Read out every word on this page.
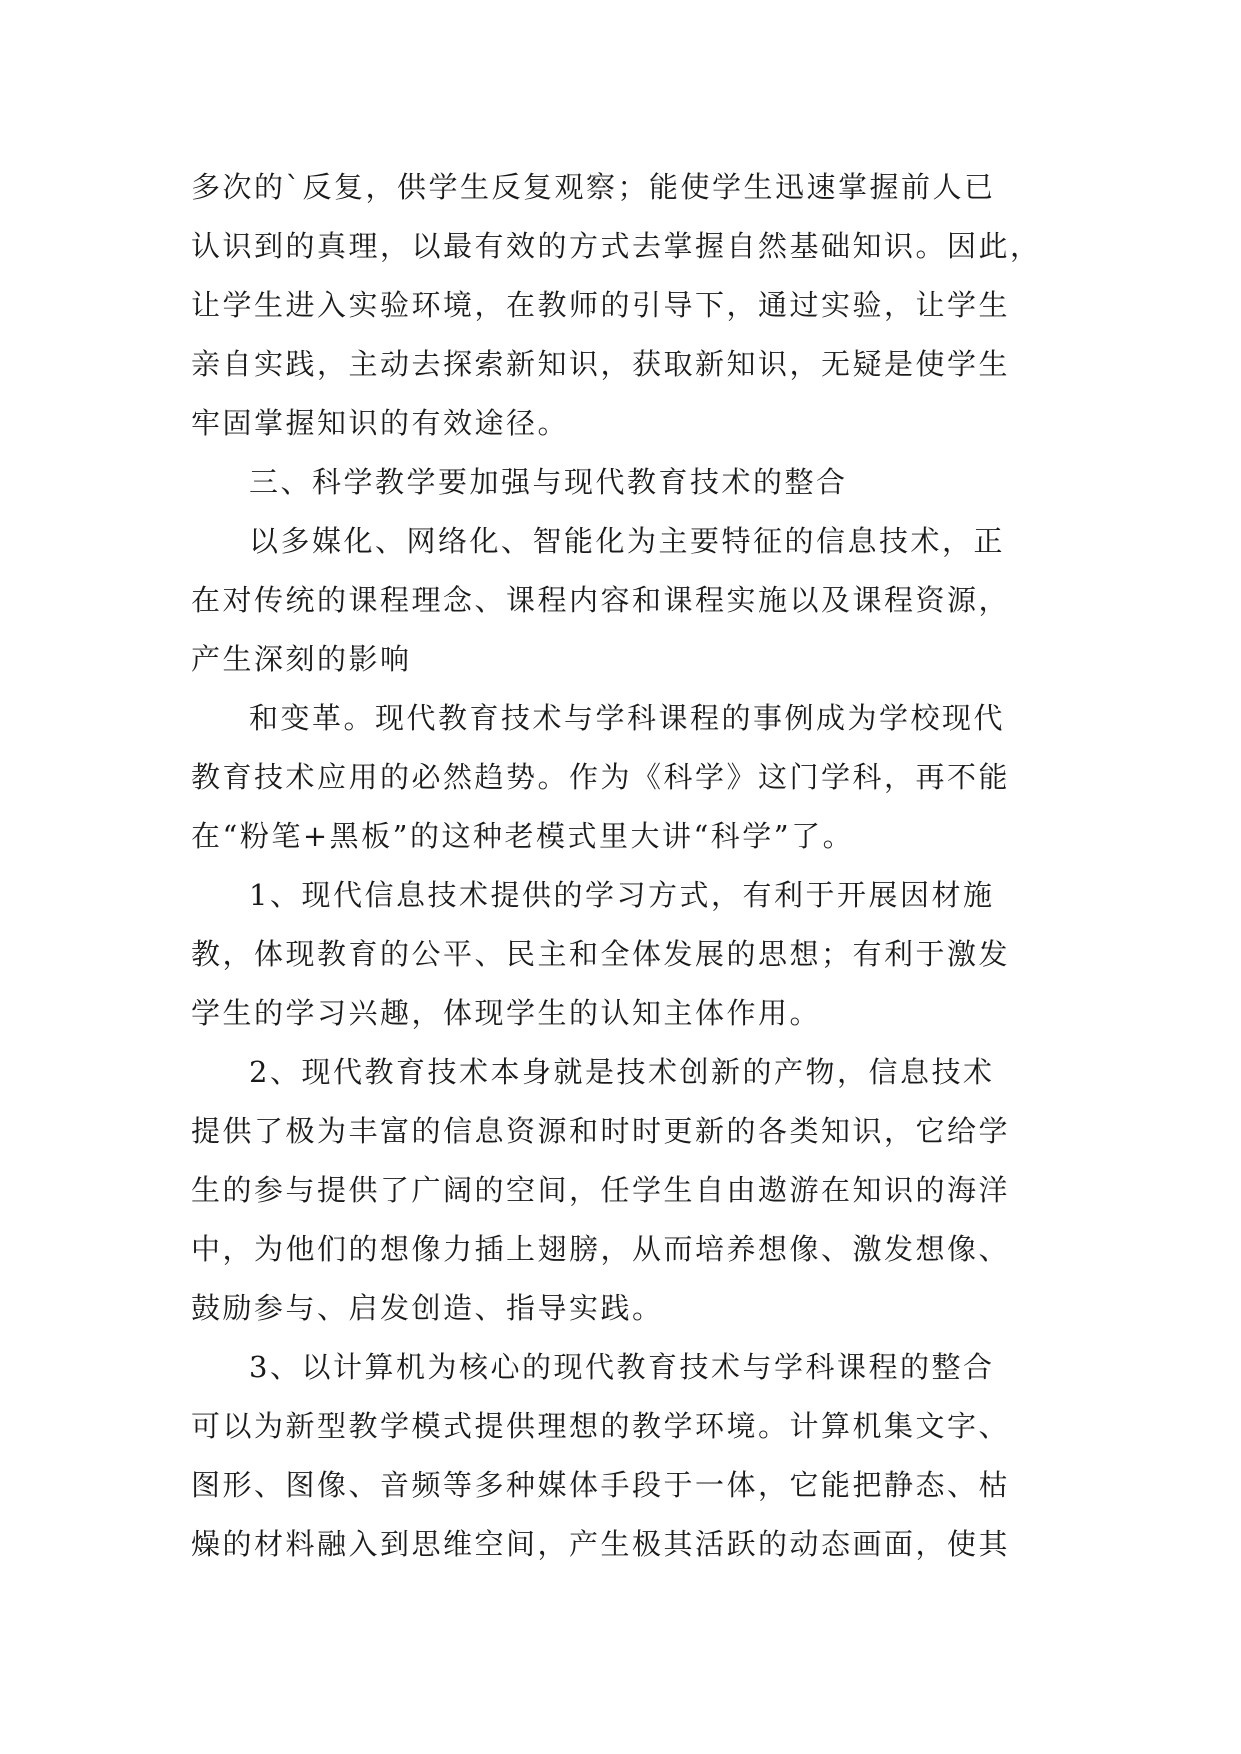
多次的`反复，供学生反复观察；能使学生迅速掌握前人已
认识到的真理，以最有效的方式去掌握自然基础知识。因此，
让学生进入实验环境，在教师的引导下，通过实验，让学生
亲自实践，主动去探索新知识，获取新知识，无疑是使学生
牢固掌握知识的有效途径。
三、科学教学要加强与现代教育技术的整合
以多媒化、网络化、智能化为主要特征的信息技术，正
在对传统的课程理念、课程内容和课程实施以及课程资源，
产生深刻的影响
和变革。现代教育技术与学科课程的事例成为学校现代
教育技术应用的必然趋势。作为《科学》这门学科，再不能
在“粉笔+黑板”的这种老模式里大讲“科学”了。
1、现代信息技术提供的学习方式，有利于开展因材施
教，体现教育的公平、民主和全体发展的思想；有利于激发
学生的学习兴趣，体现学生的认知主体作用。
2、现代教育技术本身就是技术创新的产物，信息技术
提供了极为丰富的信息资源和时时更新的各类知识，它给学
生的参与提供了广阔的空间，任学生自由遨游在知识的海洋
中，为他们的想像力插上翅膀，从而培养想像、激发想像、
鼓励参与、启发创造、指导实践。
3、以计算机为核心的现代教育技术与学科课程的整合
可以为新型教学模式提供理想的教学环境。计算机集文字、
图形、图像、音频等多种媒体手段于一体，它能把静态、枯
燥的材料融入到思维空间，产生极其活跃的动态画面，使其
